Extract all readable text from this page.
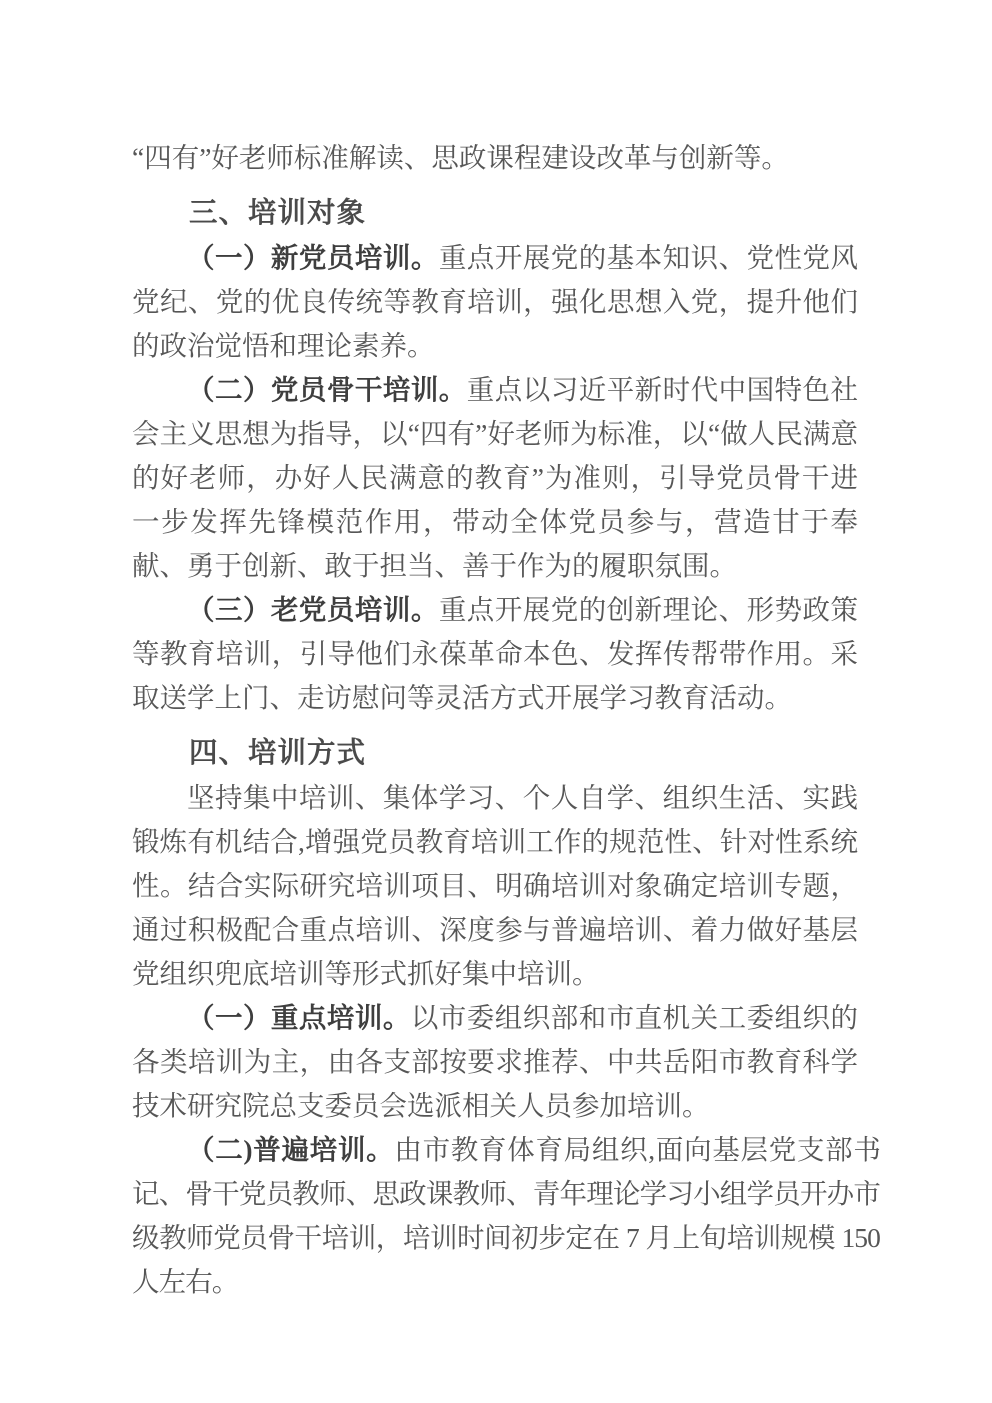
“四有”好老师标准解读、思政课程建设改革与创新等。

三、培训对象

（一）新党员培训。重点开展党的基本知识、党性党风党纪、党的优良传统等教育培训，强化思想入党，提升他们的政治觉悟和理论素养。

（二）党员骨干培训。重点以习近平新时代中国特色社会主义思想为指导，以“四有”好老师为标准，以“做人民满意的好老师，办好人民满意的教育”为准则，引导党员骨干进一步发挥先锋模范作用，带动全体党员参与，营造甘于奉献、勇于创新、敢于担当、善于作为的履职氛围。

（三）老党员培训。重点开展党的创新理论、形势政策等教育培训，引导他们永葆革命本色、发挥传帮带作用。采取送学上门、走访慰问等灵活方式开展学习教育活动。

四、培训方式

坚持集中培训、集体学习、个人自学、组织生活、实践锻炼有机结合,增强党员教育培训工作的规范性、针对性系统性。结合实际研究培训项目、明确培训对象确定培训专题，通过积极配合重点培训、深度参与普遍培训、着力做好基层党组织兜底培训等形式抓好集中培训。

（一）重点培训。以市委组织部和市直机关工委组织的各类培训为主，由各支部按要求推荐、中共岳阳市教育科学技术研究院总支委员会选派相关人员参加培训。

（二)普遍培训。由市教育体育局组织,面向基层党支部书记、骨干党员教师、思政课教师、青年理论学习小组学员开办市级教师党员骨干培训，培训时间初步定在 7 月上旬培训规模 150 人左右。
